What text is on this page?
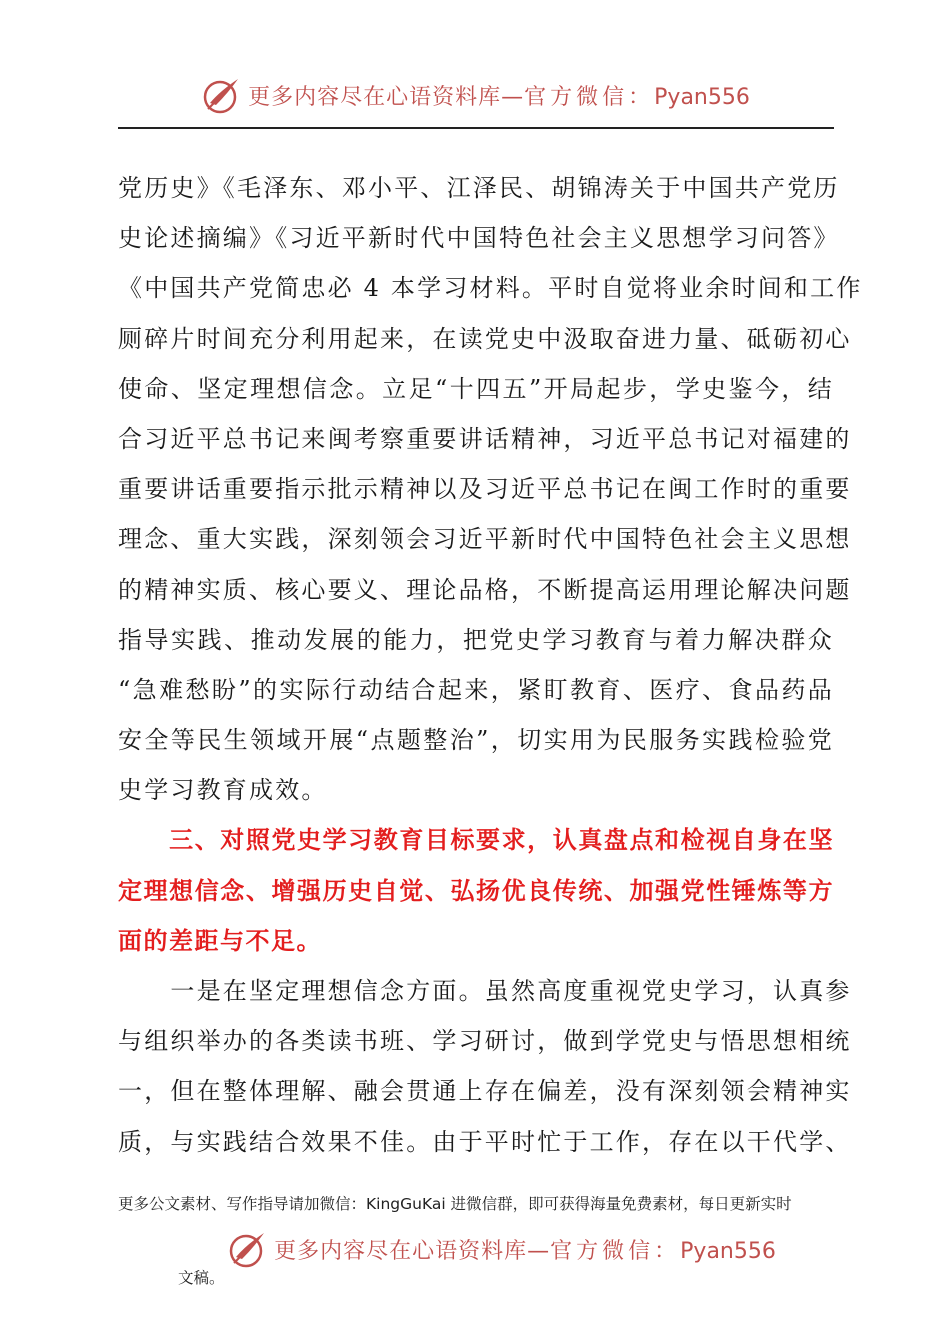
更多内容尽在心语资料库—官方微信：Pyan556
党历史》《毛泽东、邓小平、江泽民、胡锦涛关于中国共产党历
史论述摘编》《习近平新时代中国特色社会主义思想学习问答》
《中国共产党简忠必 4 本学习材料。平时自觉将业余时间和工作
厕碎片时间充分利用起来，在读党史中汲取奋进力量、砥砺初心
使命、坚定理想信念。立足“十四五”开局起步，学史鉴今，结
合习近平总书记来闽考察重要讲话精神，习近平总书记对福建的
重要讲话重要指示批示精神以及习近平总书记在闽工作时的重要
理念、重大实践，深刻领会习近平新时代中国特色社会主义思想
的精神实质、核心要义、理论品格，不断提高运用理论解决问题
指导实践、推动发展的能力，把党史学习教育与着力解决群众
“急难愁盼”的实际行动结合起来，紧盯教育、医疗、食品药品
安全等民生领域开展“点题整治”，切实用为民服务实践检验党
史学习教育成效。
　　三、对照党史学习教育目标要求，认真盘点和检视自身在坚
定理想信念、增强历史自觉、弘扬优良传统、加强党性锤炼等方
面的差距与不足。
　　一是在坚定理想信念方面。虽然高度重视党史学习，认真参
与组织举办的各类读书班、学习研讨，做到学党史与悟思想相统
一，但在整体理解、融会贯通上存在偏差，没有深刻领会精神实
质，与实践结合效果不佳。由于平时忙于工作，存在以干代学、
更多公文素材、写作指导请加微信：KingGuKai 进微信群，即可获得海量免费素材，每日更新实时
更多内容尽在心语资料库—官方微信：Pyan556
文稿。
